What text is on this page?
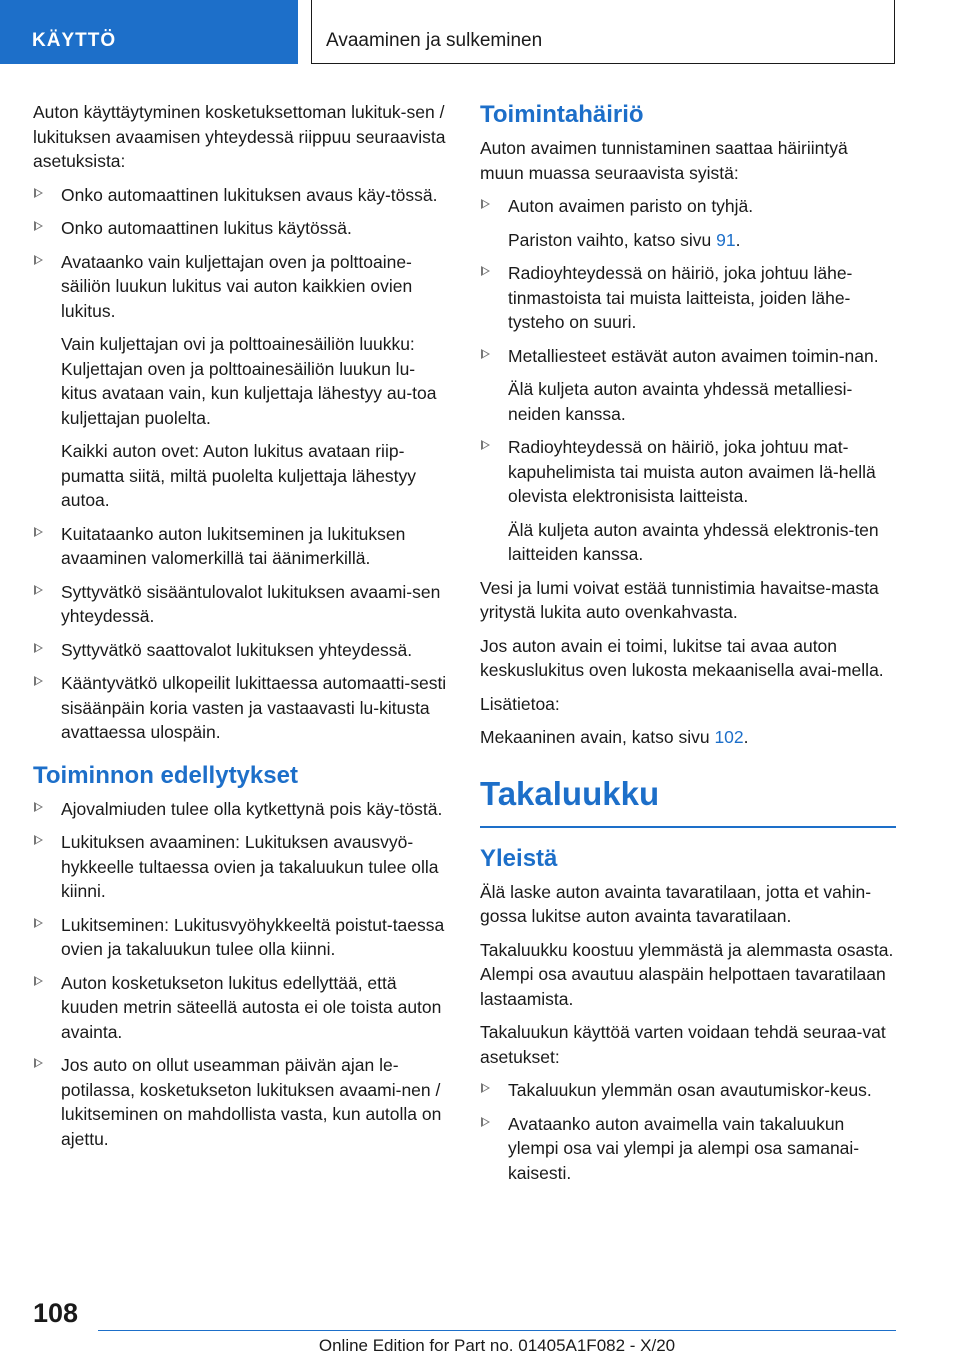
KÄYTTÖ	Avaaminen ja sulkeminen

Auton käyttäytyminen kosketuksettoman lukituk-sen / lukituksen avaamisen yhteydessä riippuu seuraavista asetuksista:

Onko automaattinen lukituksen avaus käy-tössä.

Onko automaattinen lukitus käytössä.

Avataanko vain kuljettajan oven ja polttoaine-säiliön luukun lukitus vai auton kaikkien ovien lukitus.

Vain kuljettajan ovi ja polttoainesäiliön luukku: Kuljettajan oven ja polttoainesäiliön luukun lu-kitus avataan vain, kun kuljettaja lähestyy au-toa kuljettajan puolelta.

Kaikki auton ovet: Auton lukitus avataan riip-pumatta siitä, miltä puolelta kuljettaja lähestyy autoa.

Kuitataanko auton lukitseminen ja lukituksen avaaminen valomerkillä tai äänimerkillä.

Syttyvätkö sisääntulovalot lukituksen avaami-sen yhteydessä.

Syttyvätkö saattovalot lukituksen yhteydessä.

Kääntyvätkö ulkopeilit lukittaessa automaatti-sesti sisäänpäin koria vasten ja vastaavasti lu-kitusta avattaessa ulospäin.

Toiminnon edellytykset

Ajovalmiuden tulee olla kytkettynä pois käy-töstä.

Lukituksen avaaminen: Lukituksen avausvyö-hykkeelle tultaessa ovien ja takaluukun tulee olla kiinni.

Lukitseminen: Lukitusvyöhykkeeltä poistut-taessa ovien ja takaluukun tulee olla kiinni.

Auton kosketukseton lukitus edellyttää, että kuuden metrin säteellä autosta ei ole toista auton avainta.

Jos auto on ollut useamman päivän ajan le-potilassa, kosketukseton lukituksen avaami-nen / lukitseminen on mahdollista vasta, kun autolla on ajettu.

Toimintahäiriö

Auton avaimen tunnistaminen saattaa häiriintyä muun muassa seuraavista syistä:

Auton avaimen paristo on tyhjä.

Pariston vaihto, katso sivu 91.

Radioyhteydessä on häiriö, joka johtuu lähe-tinmastoista tai muista laitteista, joiden lähe-tysteho on suuri.

Metalliesteet estävät auton avaimen toimin-nan.

Älä kuljeta auton avainta yhdessä metalliesi-neiden kanssa.

Radioyhteydessä on häiriö, joka johtuu mat-kapuhelimista tai muista auton avaimen lä-hellä olevista elektronisista laitteista.

Älä kuljeta auton avainta yhdessä elektronis-ten laitteiden kanssa.

Vesi ja lumi voivat estää tunnistimia havaitse-masta yritystä lukita auto ovenkahvasta.

Jos auton avain ei toimi, lukitse tai avaa auton keskuslukitus oven lukosta mekaanisella avai-mella.

Lisätietoa:

Mekaaninen avain, katso sivu 102.

Takaluukku
Yleistä

Älä laske auton avainta tavaratilaan, jotta et vahin-gossa lukitse auton avainta tavaratilaan.

Takaluukku koostuu ylemmästä ja alemmasta osasta. Alempi osa avautuu alaspäin helpottaen tavaratilaan lastaamista.

Takaluukun käyttöä varten voidaan tehdä seuraa-vat asetukset:

Takaluukun ylemmän osan avautumiskor-keus.

Avataanko auton avaimella vain takaluukun ylempi osa vai ylempi ja alempi osa samanai-kaisesti.

108
Online Edition for Part no. 01405A1F082 - X/20
